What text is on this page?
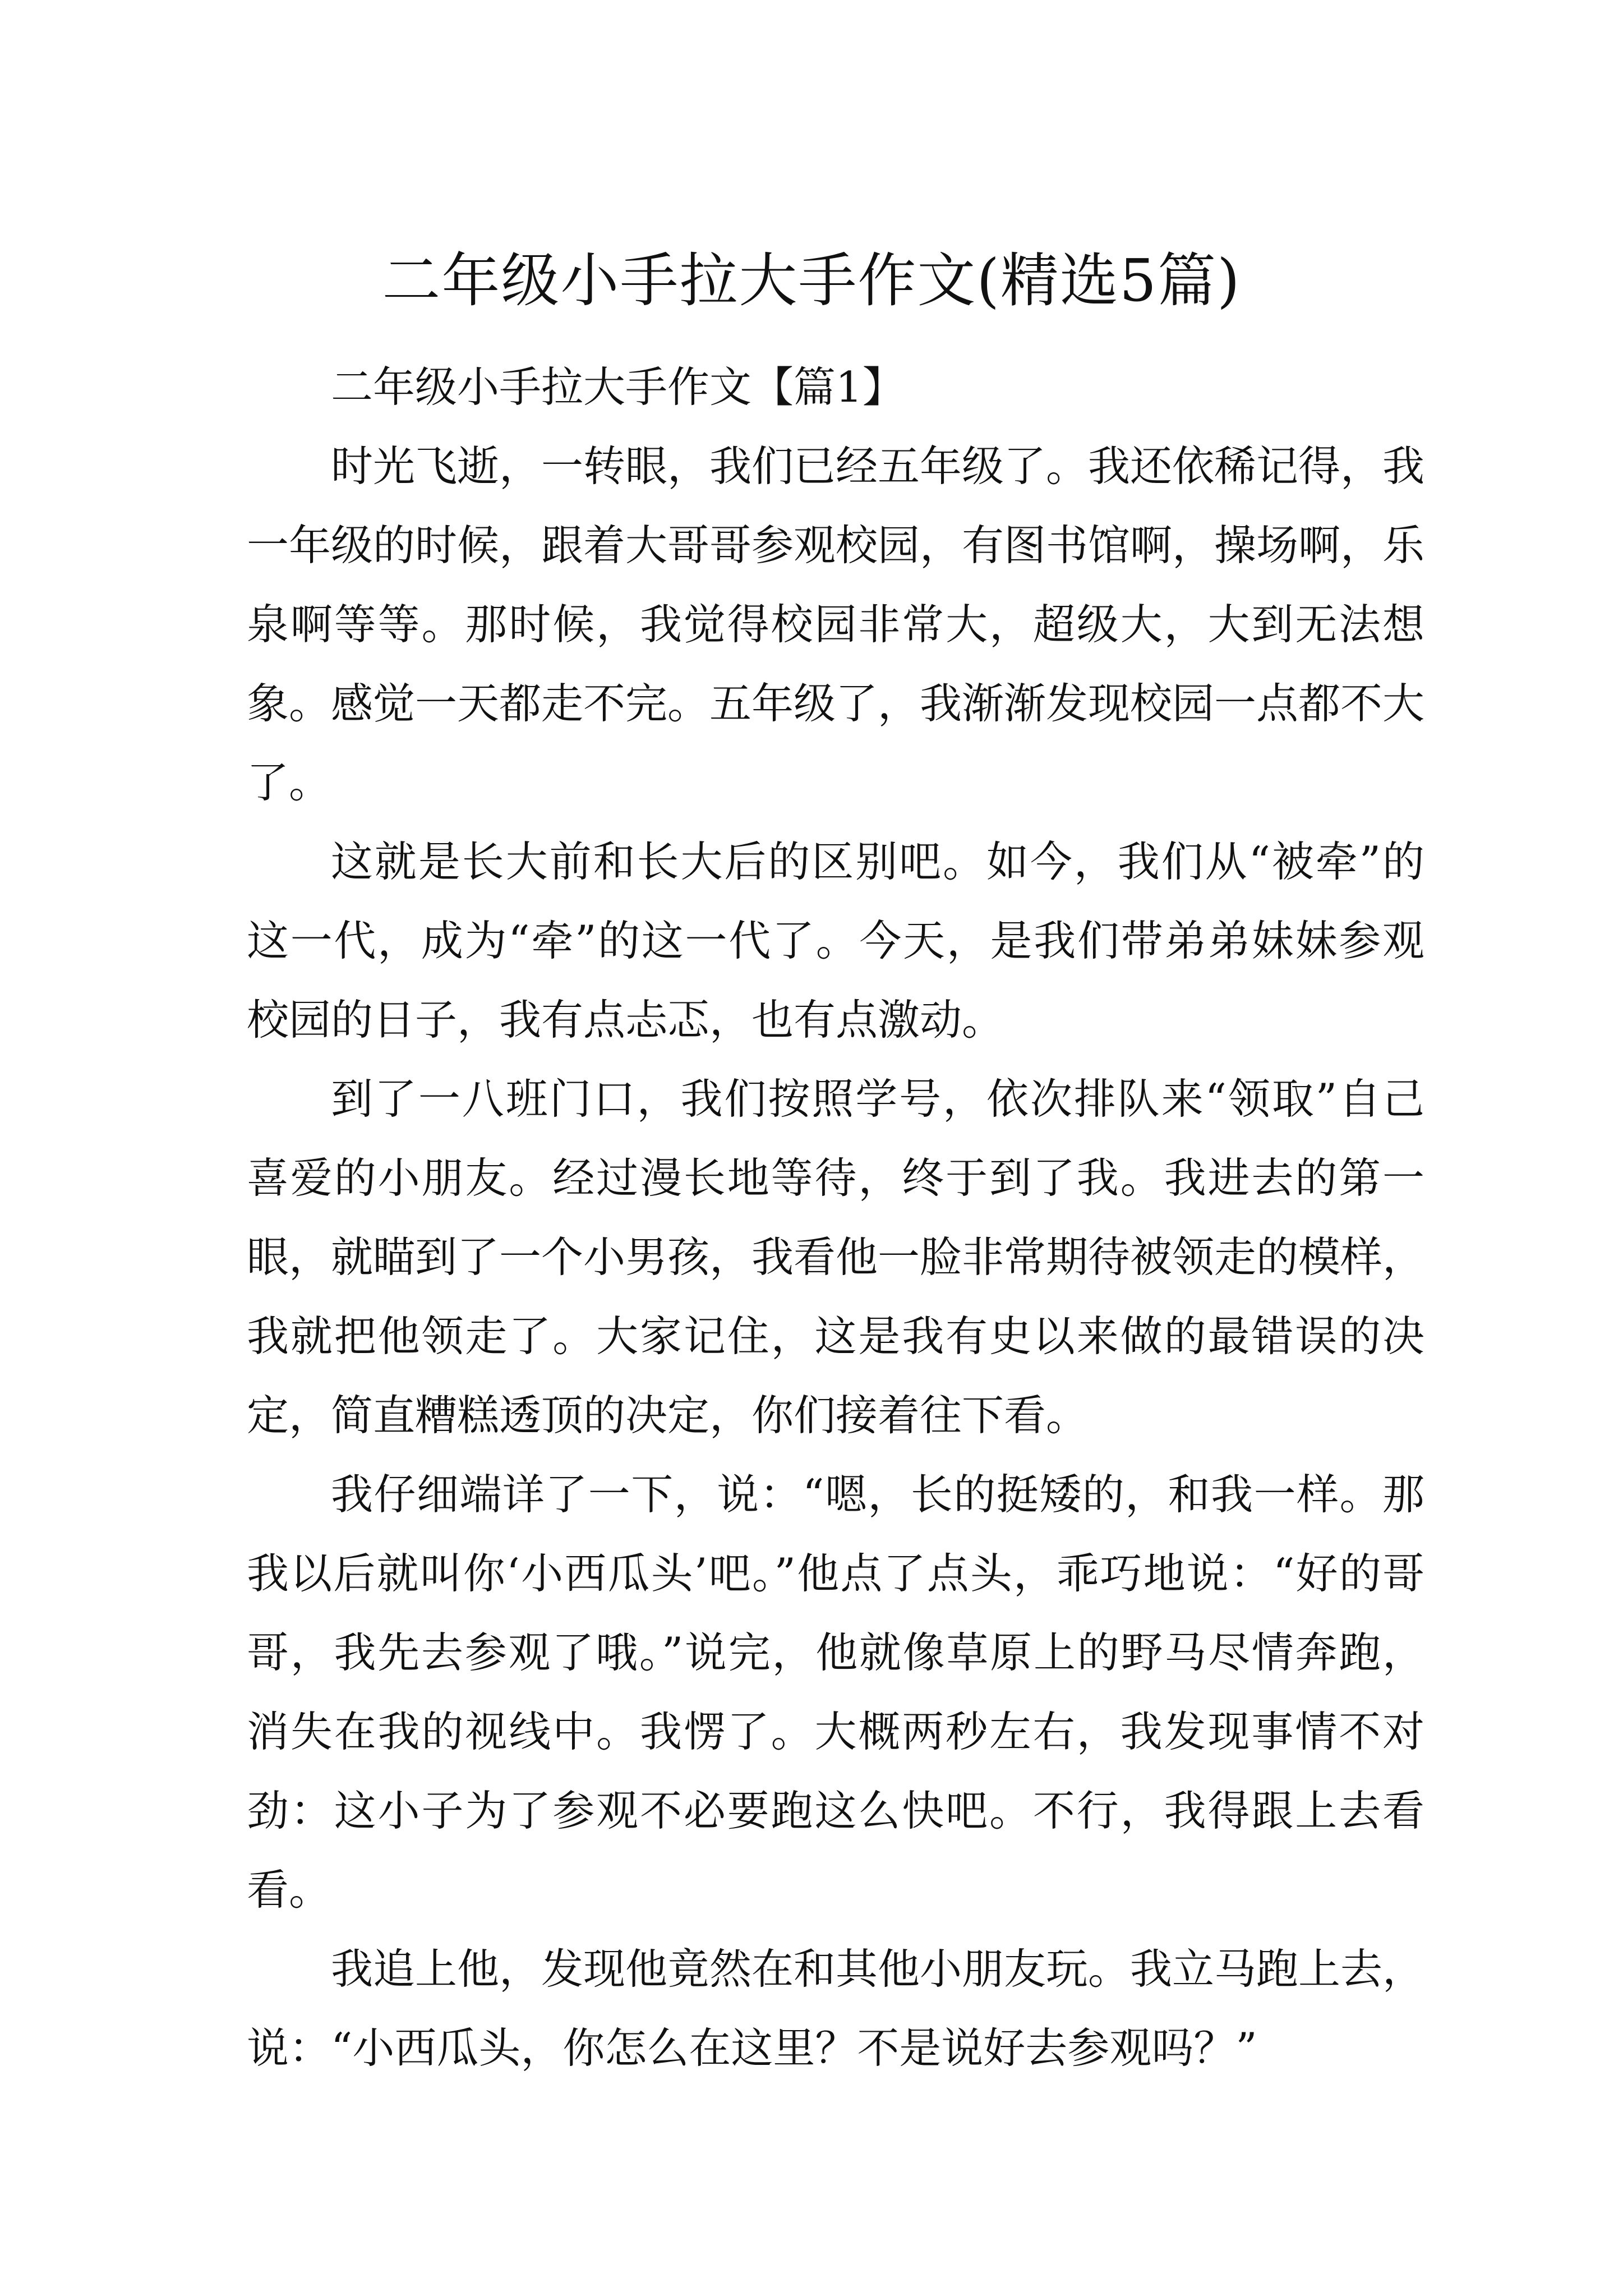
二年级小手拉大手作文(精选5篇)

二年级小手拉大手作文【篇1】

时光飞逝，一转眼，我们已经五年级了。我还依稀记得，我一年级的时候，跟着大哥哥参观校园，有图书馆啊，操场啊，乐泉啊等等。那时候，我觉得校园非常大，超级大，大到无法想象。感觉一天都走不完。五年级了，我渐渐发现校园一点都不大了。

这就是长大前和长大后的区别吧。如今，我们从“被牵”的这一代，成为“牵”的这一代了。今天，是我们带弟弟妹妹参观校园的日子，我有点忐忑，也有点激动。

到了一八班门口，我们按照学号，依次排队来“领取”自己喜爱的小朋友。经过漫长地等待，终于到了我。我进去的第一眼，就瞄到了一个小男孩，我看他一脸非常期待被领走的模样，我就把他领走了。大家记住，这是我有史以来做的最错误的决定，简直糟糕透顶的决定，你们接着往下看。

我仔细端详了一下，说：“嗯，长的挺矮的，和我一样。那我以后就叫你‘小西瓜头’吧。”他点了点头，乖巧地说：“好的哥哥，我先去参观了哦。”说完，他就像草原上的野马尽情奔跑，消失在我的视线中。我愣了。大概两秒左右，我发现事情不对劲：这小子为了参观不必要跑这么快吧。不行，我得跟上去看看。

我追上他，发现他竟然在和其他小朋友玩。我立马跑上去，说：“小西瓜头，你怎么在这里？不是说好去参观吗？”
